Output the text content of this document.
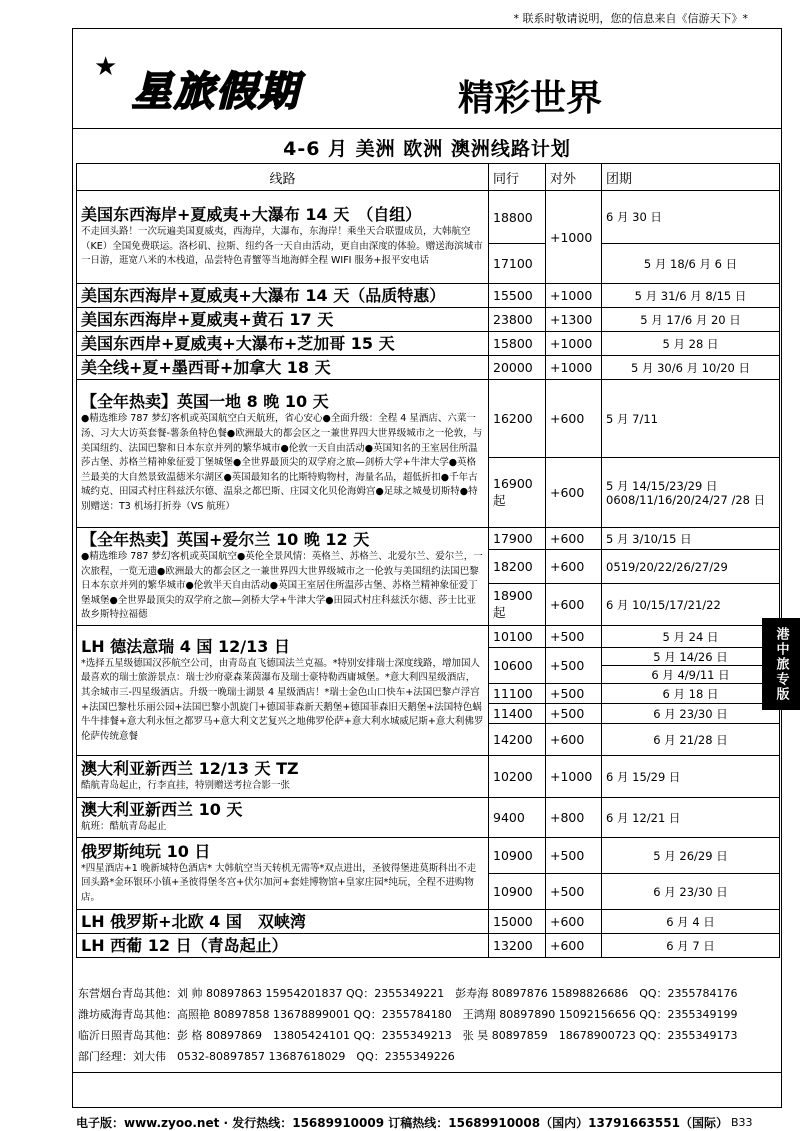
* 联系时敬请说明，您的信息来自《信游天下》*
★
星旅假期	精彩世界
4-6 月 美洲 欧洲 澳洲线路计划
线路	同行	对外	团期

美国东西海岸+夏威夷+大瀑布 14 天　（自组）
不走回头路！一次玩遍美国夏威夷，西海岸，大瀑布，东海岸！乘坐天合联盟成员，大韩航空（KE）全国免费联运。洛杉矶、拉斯、纽约各一天自由活动，更自由深度的体验。赠送海滨城市一日游，逛宽八米的木栈道，品尝特色青蟹等当地海鲜全程 WIFI 服务+报平安电话	18800	+1000	6 月 30 日
	17100		5 月 18/6 月 6 日
美国东西海岸+夏威夷+大瀑布 14 天（品质特惠）	15500	+1000	5 月 31/6 月 8/15 日
美国东西海岸+夏威夷+黄石 17 天	23800	+1300	5 月 17/6 月 20 日
美国东西岸+夏威夷+大瀑布+芝加哥 15 天	15800	+1000	5 月 28 日
美全线+夏+墨西哥+加拿大 18 天	20000	+1000	5 月 30/6 月 10/20 日

【全年热卖】英国一地 8 晚 10 天
●精选维珍 787 梦幻客机或英国航空白天航班，省心安心●全面升级：全程 4 星酒店、六菜一汤、习大大访英套餐-薯条鱼特色餐●欧洲最大的都会区之一兼世界四大世界级城市之一伦敦，与美国纽约、法国巴黎和日本东京并列的繁华城市●伦敦一天自由活动●英国知名的王室居住所温莎古堡、苏格兰精神象征爱丁堡城堡●全世界最顶尖的双学府之旅—剑桥大学+牛津大学●英格兰最美的大自然景致温德米尔湖区●英国最知名的比斯特购物村，海量名品，超低折扣●千年古城约克、田园式村庄科兹沃尔德、温泉之都巴斯、庄园文化贝伦海姆宫●足球之城曼切斯特●特别赠送：T3 机场打折券（VS 航班）	16200	+600	5 月 7/11
	16900起	+600	5 月 14/15/23/29 日 0608/11/16/20/24/27 /28 日

【全年热卖】英国+爱尔兰 10 晚 12 天
●精选维珍 787 梦幻客机或英国航空●英伦全景风情：英格兰、苏格兰、北爱尔兰、爱尔兰，一次旅程，一览无遗●欧洲最大的都会区之一兼世界四大世界级城市之一伦敦与美国纽约法国巴黎日本东京并列的繁华城市●伦敦半天自由活动●英国王室居住所温莎古堡、苏格兰精神象征爱丁堡城堡●全世界最顶尖的双学府之旅—剑桥大学+牛津大学●田园式村庄科兹沃尔德、莎士比亚故乡斯特拉福德	17900	+600	5 月 3/10/15 日
	18200	+600	0519/20/22/26/27/29
	18900起	+600	6 月 10/15/17/21/22

LH 德法意瑞 4 国 12/13 日
*选择五星级德国汉莎航空公司，由青岛直飞德国法兰克福。*特别安排瑞士深度线路，增加国人最喜欢的瑞士旅游景点：瑞士沙府豪森莱茵瀑布及瑞士豪特勒西庸城堡。*意大利四星级酒店，其余城市三-四星级酒店。升级一晚瑞士湖景 4 星级酒店！*瑞士金色山口快车+法国巴黎卢浮宫+法国巴黎杜乐丽公园+法国巴黎小凯旋门+德国菲森新天鹅堡+德国菲森旧天鹅堡+法国特色蜗牛牛排餐+意大利永恒之都罗马+意大利文艺复兴之地佛罗伦萨+意大利水城威尼斯+意大利佛罗伦萨传统意餐	10100	+500	5 月 24 日
	10600	+500	5 月 14/26 日
			6 月 4/9/11 日
	11100	+500	6 月 18 日
	11400	+500	6 月 23/30 日
	14200	+600	6 月 21/28 日

澳大利亚新西兰 12/13 天 TZ
酷航青岛起止，行李直挂，特别赠送考拉合影一张	10200	+1000	6 月 15/29 日

澳大利亚新西兰 10 天
航班：酷航青岛起止	9400	+800	6 月 12/21 日

俄罗斯纯玩 10 日
*四星酒店+1 晚新城特色酒店* 大韩航空当天转机无需等*双点进出，圣彼得堡进莫斯科出不走回头路*金环银环小镇+圣彼得堡冬宫+伏尔加河+套娃博物馆+皇家庄园*纯玩，全程不进购物店。	10900	+500	5 月 26/29 日
	10900	+500	6 月 23/30 日
LH 俄罗斯+北欧 4 国　双峡湾	15000	+600	6 月 4 日
LH 西葡 12 日（青岛起止）	13200	+600	6 月 7 日
东营烟台青岛其他：刘 帅 80897863 15954201837 QQ：2355349221　彭寿海 80897876 15898826686　QQ：2355784176
潍坊威海青岛其他：高照艳 80897858 13678899001 QQ：2355784180　王鸿翔 80897890 15092156656 QQ：2355349199
临沂日照青岛其他：彭 格 80897869　13805424101 QQ：2355349213　张 昊 80897859　18678900723 QQ：2355349173
部门经理：刘大伟　0532-80897857 13687618029　QQ：2355349226
电子版：www.zyoo.net · 发行热线：15689910009 订稿热线：15689910008（国内）13791663551（国际） B33
港中旅专版
